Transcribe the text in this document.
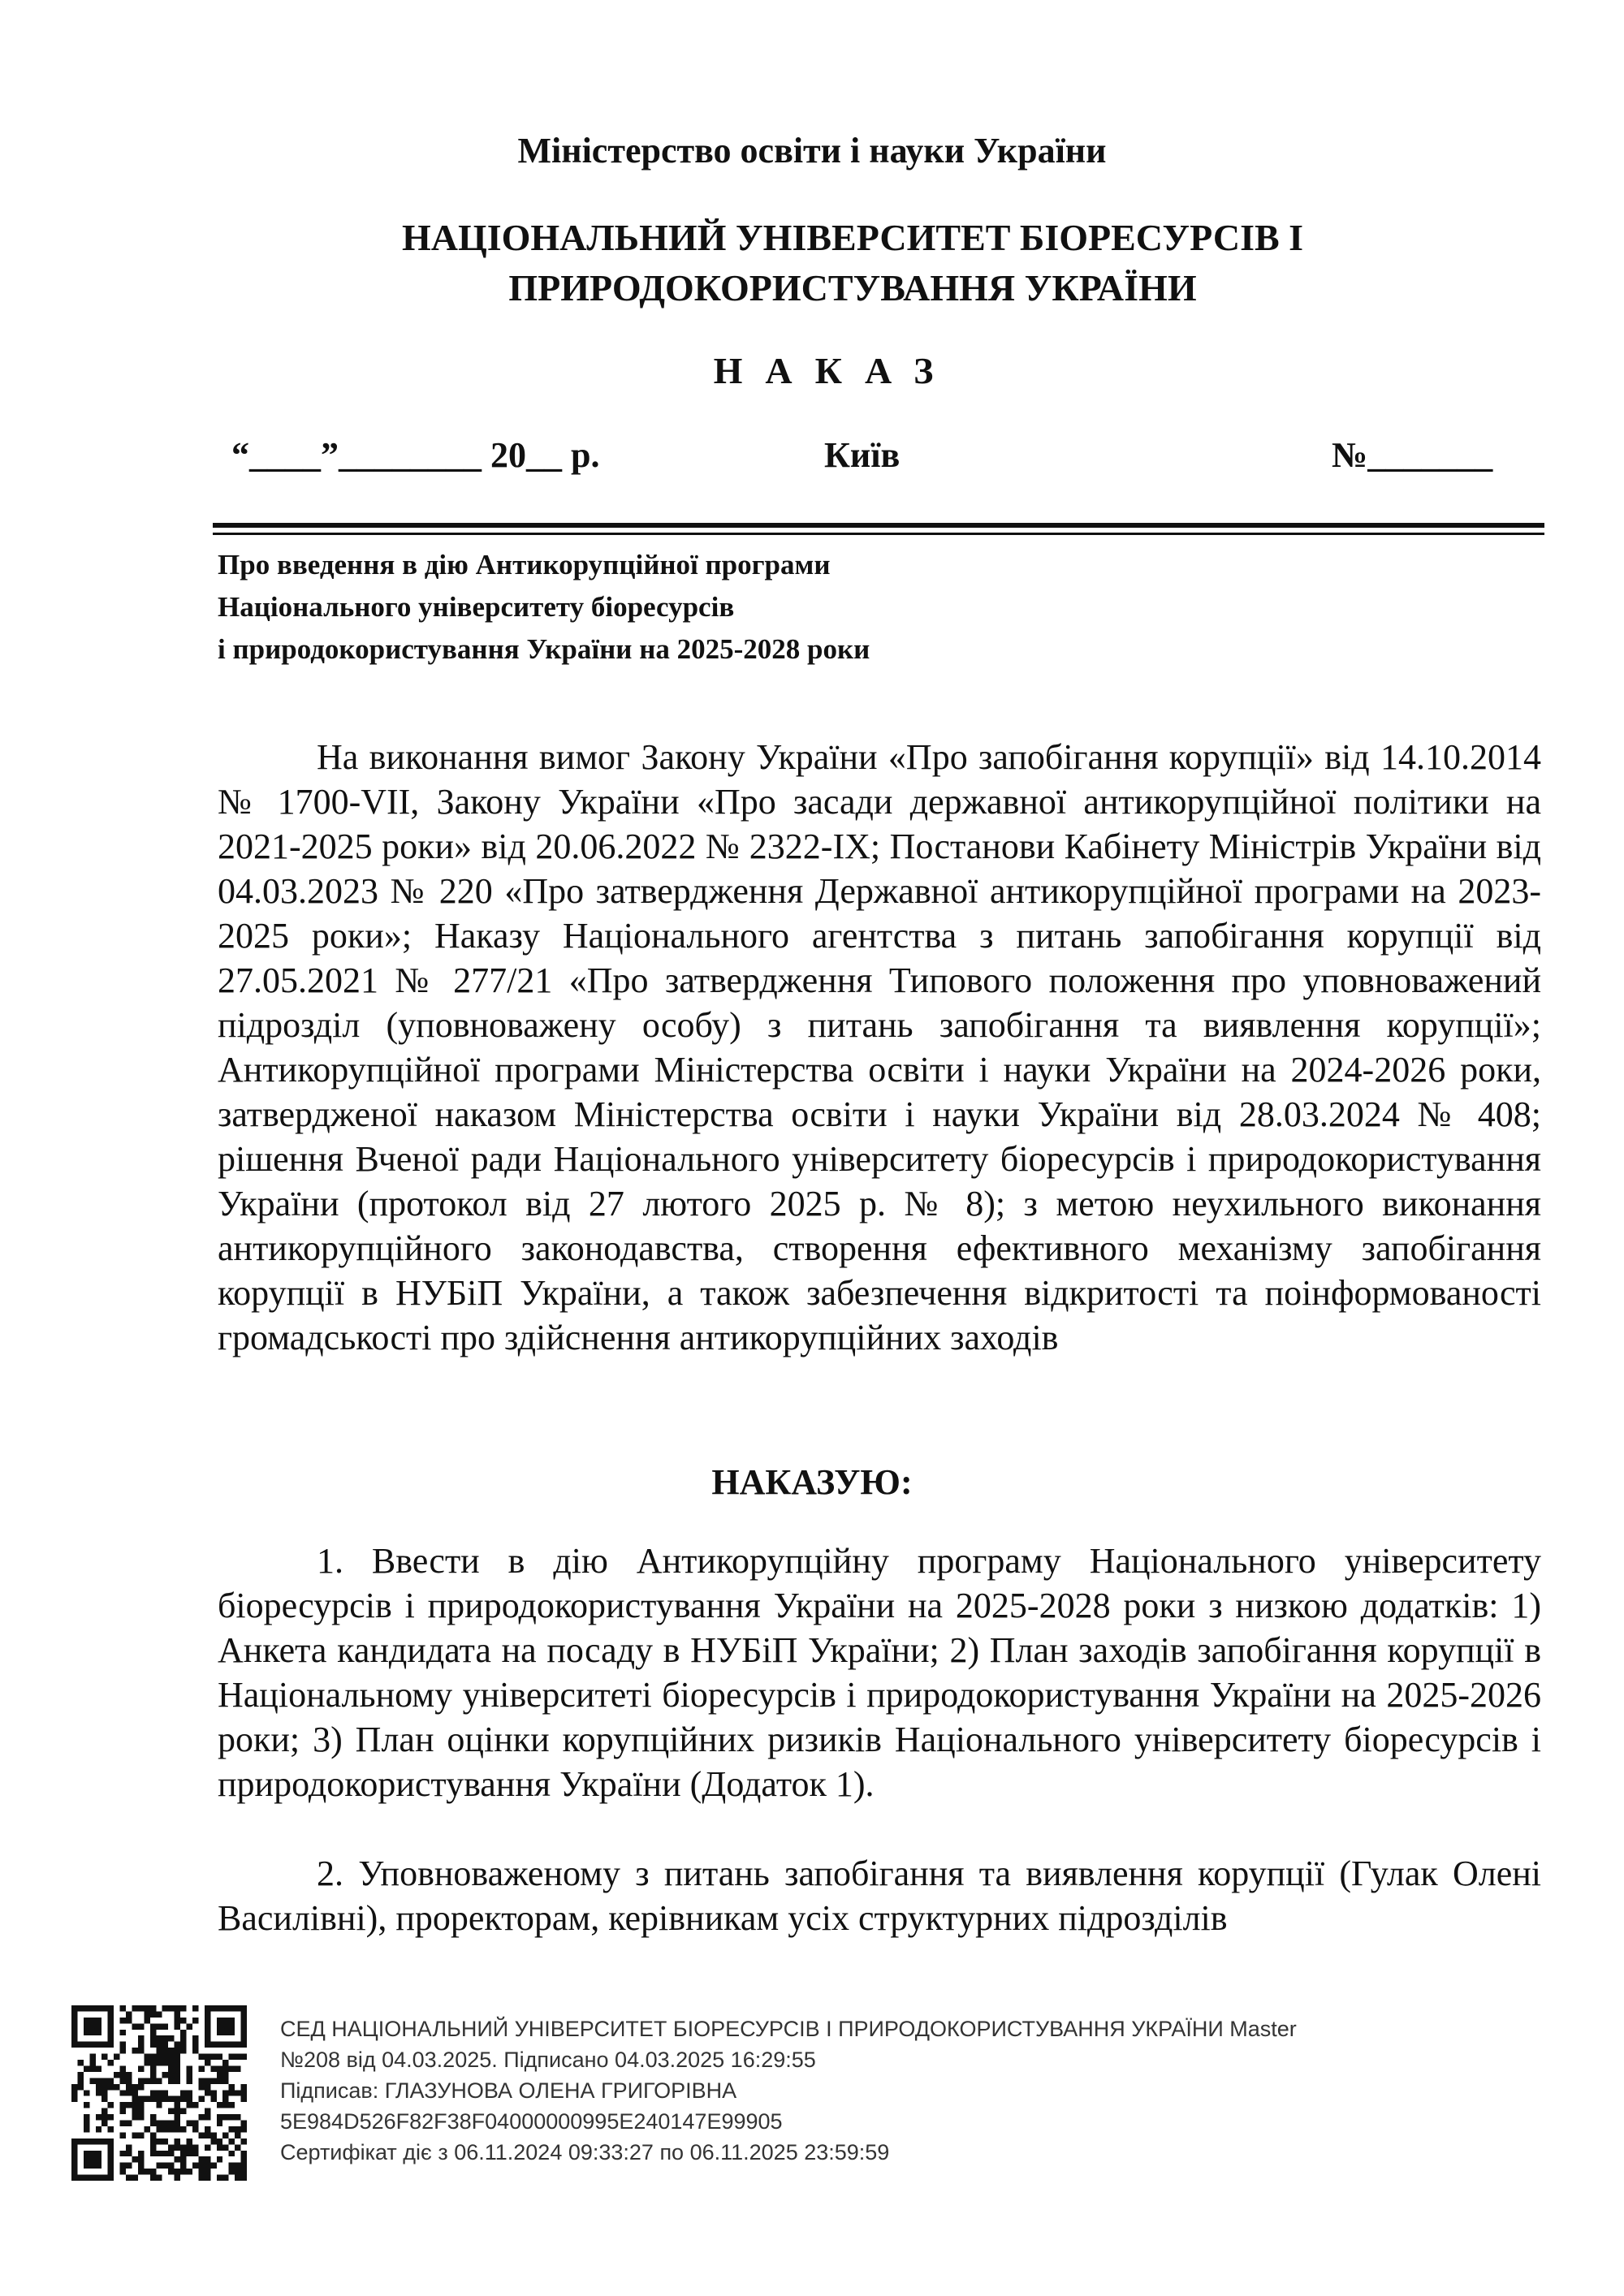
Міністерство освіти і науки України
НАЦІОНАЛЬНИЙ УНІВЕРСИТЕТ БІОРЕСУРСІВ І ПРИРОДОКОРИСТУВАННЯ УКРАЇНИ
НАКАЗ
“____”________ 20__ р.	Київ	№_______
Про введення в дію Антикорупційної програми
Національного університету біоресурсів
і природокористування України на 2025-2028 роки
На виконання вимог Закону України «Про запобігання корупції» від 14.10.2014 № 1700-VII, Закону України «Про засади державної антикорупційної політики на 2021-2025 роки» від 20.06.2022 № 2322-IX; Постанови Кабінету Міністрів України від 04.03.2023 № 220 «Про затвердження Державної антикорупційної програми на 2023-2025 роки»; Наказу Національного агентства з питань запобігання корупції від 27.05.2021 № 277/21 «Про затвердження Типового положення про уповноважений підрозділ (уповноважену особу) з питань запобігання та виявлення корупції»; Антикорупційної програми Міністерства освіти і науки України на 2024-2026 роки, затвердженої наказом Міністерства освіти і науки України від 28.03.2024 № 408; рішення Вченої ради Національного університету біоресурсів і природокористування України (протокол від 27 лютого 2025 р. № 8); з метою неухильного виконання антикорупційного законодавства, створення ефективного механізму запобігання корупції в НУБіП України, а також забезпечення відкритості та поінформованості громадськості про здійснення антикорупційних заходів
НАКАЗУЮ:
1. Ввести в дію Антикорупційну програму Національного університету біоресурсів і природокористування України на 2025-2028 роки з низкою додатків: 1) Анкета кандидата на посаду в НУБіП України; 2) План заходів запобігання корупції в Національному університеті біоресурсів і природокористування України на 2025-2026 роки; 3) План оцінки корупційних ризиків Національного університету біоресурсів і природокористування України (Додаток 1).
2. Уповноваженому з питань запобігання та виявлення корупції (Гулак Олені Василівні), проректорам, керівникам усіх структурних підрозділів
СЕД НАЦІОНАЛЬНИЙ УНІВЕРСИТЕТ БІОРЕСУРСІВ І ПРИРОДОКОРИСТУВАННЯ УКРАЇНИ Master
№208 від 04.03.2025. Підписано 04.03.2025 16:29:55
Підписав: ГЛАЗУНОВА ОЛЕНА ГРИГОРІВНА
5E984D526F82F38F04000000995E240147E99905
Сертифікат діє з 06.11.2024 09:33:27 по 06.11.2025 23:59:59
